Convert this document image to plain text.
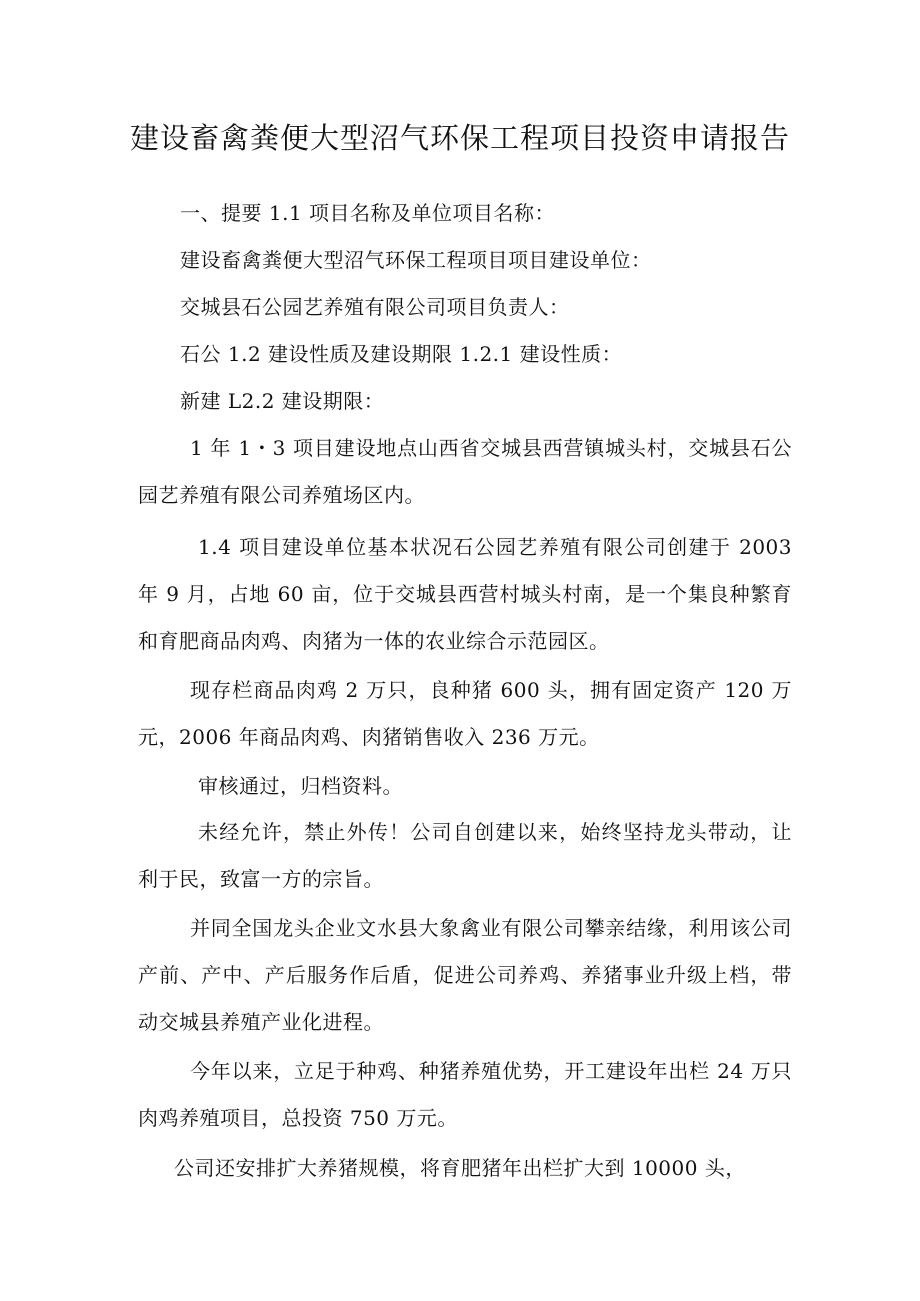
建设畜禽粪便大型沼气环保工程项目投资申请报告
一、提要 1.1 项目名称及单位项目名称：
建设畜禽粪便大型沼气环保工程项目项目建设单位：
交城县石公园艺养殖有限公司项目负责人：
石公 1.2 建设性质及建设期限 1.2.1 建设性质：
新建 L2.2 建设期限：
1 年 1・3 项目建设地点山西省交城县西营镇城头村，交城县石公园艺养殖有限公司养殖场区内。
1.4 项目建设单位基本状况石公园艺养殖有限公司创建于 2003 年 9 月，占地 60 亩，位于交城县西营村城头村南，是一个集良种繁育和育肥商品肉鸡、肉猪为一体的农业综合示范园区。
现存栏商品肉鸡 2 万只，良种猪 600 头，拥有固定资产 120 万元，2006 年商品肉鸡、肉猪销售收入 236 万元。
审核通过，归档资料。
未经允许，禁止外传！公司自创建以来，始终坚持龙头带动，让利于民，致富一方的宗旨。
并同全国龙头企业文水县大象禽业有限公司攀亲结缘，利用该公司产前、产中、产后服务作后盾，促进公司养鸡、养猪事业升级上档，带动交城县养殖产业化进程。
今年以来，立足于种鸡、种猪养殖优势，开工建设年出栏 24 万只肉鸡养殖项目，总投资 750 万元。
公司还安排扩大养猪规模，将育肥猪年出栏扩大到 10000 头，
